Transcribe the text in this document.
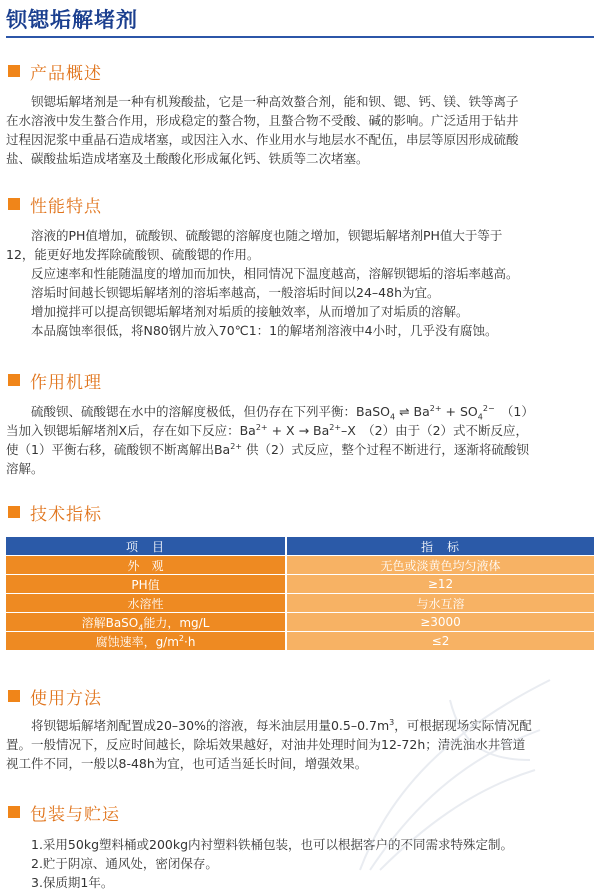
钡锶垢解堵剂
产品概述

钡锶垢解堵剂是一种有机羧酸盐，它是一种高效螯合剂，能和钡、锶、钙、镁、铁等离子

在水溶液中发生螯合作用，形成稳定的螯合物，且螯合物不受酸、碱的影响。广泛适用于钻井

过程因泥浆中重晶石造成堵塞，或因注入水、作业用水与地层水不配伍，串层等原因形成硫酸

盐、碳酸盐垢造成堵塞及土酸酸化形成氟化钙、铁质等二次堵塞。

性能特点

溶液的PH值增加，硫酸钡、硫酸锶的溶解度也随之增加，钡锶垢解堵剂PH值大于等于

12，能更好地发挥除硫酸钡、硫酸锶的作用。

反应速率和性能随温度的增加而加快，相同情况下温度越高，溶解钡锶垢的溶垢率越高。

溶垢时间越长钡锶垢解堵剂的溶垢率越高，一般溶垢时间以24–48h为宜。

增加搅拌可以提高钡锶垢解堵剂对垢质的接触效率，从而增加了对垢质的溶解。

本品腐蚀率很低，将N80钢片放入70℃1：1的解堵剂溶液中4小时，几乎没有腐蚀。

作用机理

硫酸钡、硫酸锶在水中的溶解度极低，但仍存在下列平衡：BaSO$_4$ ⇌ $Ba^{2+} + SO_4^{2-}$　（1）

当加入钡锶垢解堵剂X后，存在如下反应：$Ba^{2+} + X \to Ba^{2+}-X$　（2）由于（2）式不断反应，

使（1）平衡右移，硫酸钡不断离解出$Ba^{2+}$ 供（2）式反应，整个过程不断进行，逐渐将硫酸钡

溶解。

技术指标
项　目	指　标
外　观	无色或淡黄色均匀液体
PH值	≥12
水溶性	与水互溶
溶解BaSO$_4$能力，mg/L	≥3000
腐蚀速率，$g/m^2\cdot h$	≤2
使用方法

将钡锶垢解堵剂配置成20–30%的溶液，每米油层用量$0.5-0.7m^3$，可根据现场实际情况配

置。一般情况下，反应时间越长，除垢效果越好，对油井处理时间为12-72h；清洗油水井管道

视工件不同，一般以8-48h为宜，也可适当延长时间，增强效果。

包装与贮运

1.采用50kg塑料桶或200kg内衬塑料铁桶包装，也可以根据客户的不同需求特殊定制。

2.贮于阴凉、通风处，密闭保存。

3.保质期1年。
